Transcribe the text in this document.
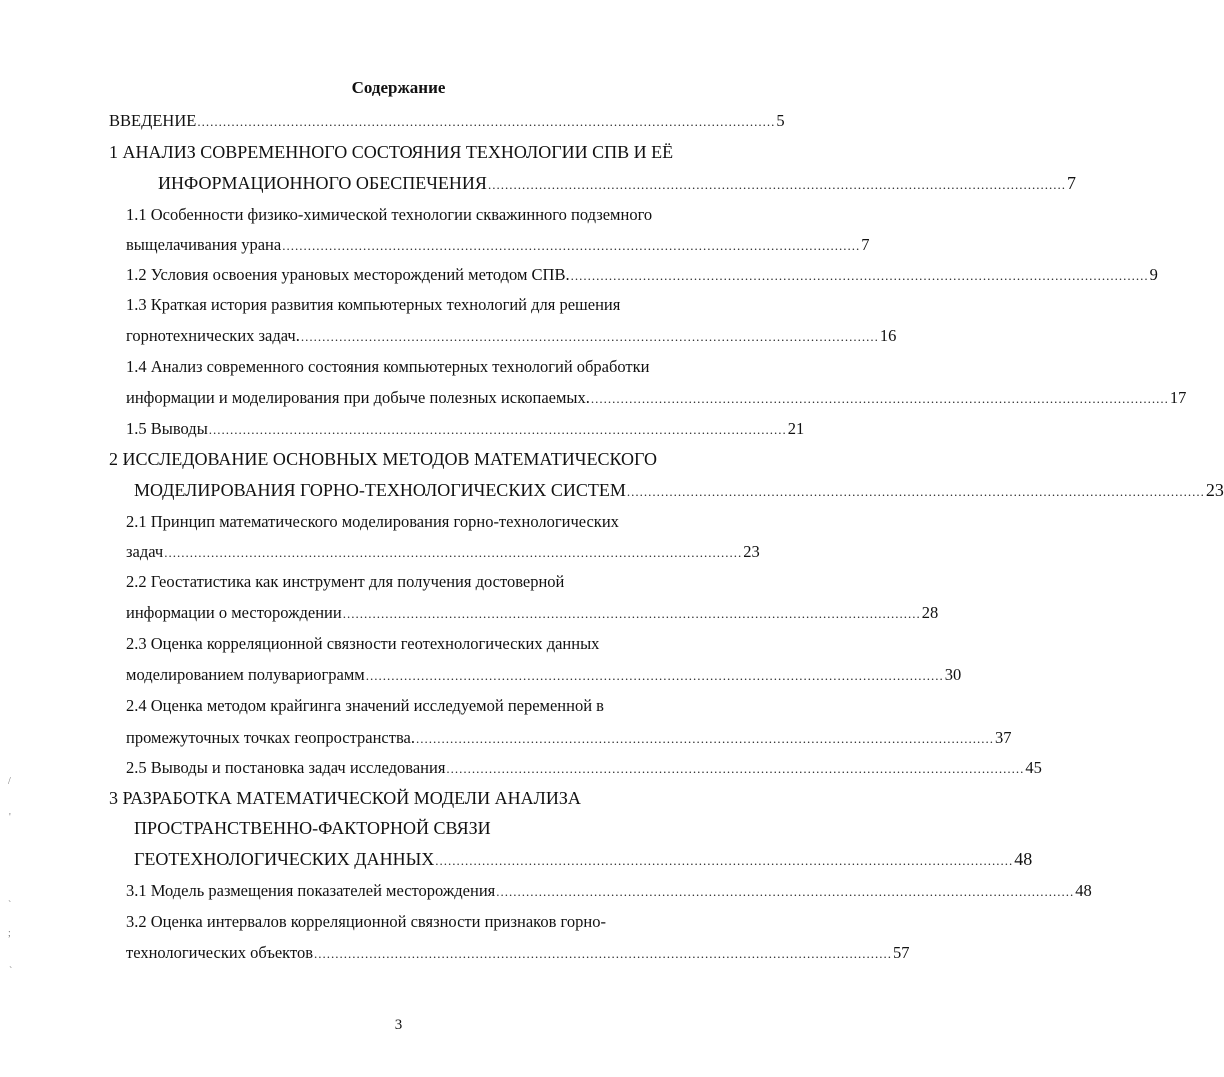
Содержание
ВВЕДЕНИЕ ........................................................................................................................................ 5
1 АНАЛИЗ СОВРЕМЕННОГО СОСТОЯНИЯ ТЕХНОЛОГИИ СПВ И ЕЁ
ИНФОРМАЦИОННОГО ОБЕСПЕЧЕНИЯ ........................................................................................................................................ 7
1.1 Особенности физико-химической технологии скважинного подземного
выщелачивания урана ........................................................................................................................................ 7
1.2 Условия освоения урановых месторождений методом СПВ. ........................................................................................................................................ 9
1.3 Краткая история развития компьютерных технологий для решения
горнотехнических задач. ........................................................................................................................................ 16
1.4 Анализ современного состояния компьютерных технологий обработки
информации и моделирования при добыче полезных ископаемых. ........................................................................................................................................ 17
1.5 Выводы ........................................................................................................................................ 21
2 ИССЛЕДОВАНИЕ ОСНОВНЫХ МЕТОДОВ МАТЕМАТИЧЕСКОГО
МОДЕЛИРОВАНИЯ ГОРНО-ТЕХНОЛОГИЧЕСКИХ СИСТЕМ ........................................................................................................................................ 23
2.1 Принцип математического моделирования горно-технологических
задач ........................................................................................................................................ 23
2.2 Геостатистика как инструмент для получения достоверной
информации о месторождении ........................................................................................................................................ 28
2.3 Оценка корреляционной связности геотехнологических данных
моделированием полувариограмм ........................................................................................................................................ 30
2.4 Оценка методом крайгинга значений исследуемой переменной в
промежуточных точках геопространства. ........................................................................................................................................ 37
2.5 Выводы и постановка задач исследования ........................................................................................................................................ 45
3 РАЗРАБОТКА МАТЕМАТИЧЕСКОЙ МОДЕЛИ АНАЛИЗА
ПРОСТРАНСТВЕННО-ФАКТОРНОЙ СВЯЗИ
ГЕОТЕХНОЛОГИЧЕСКИХ ДАННЫХ ........................................................................................................................................ 48
3.1 Модель размещения показателей месторождения ........................................................................................................................................ 48
3.2 Оценка интервалов корреляционной связности признаков горно-
технологических объектов ........................................................................................................................................ 57
/
'
`
;
`
3
